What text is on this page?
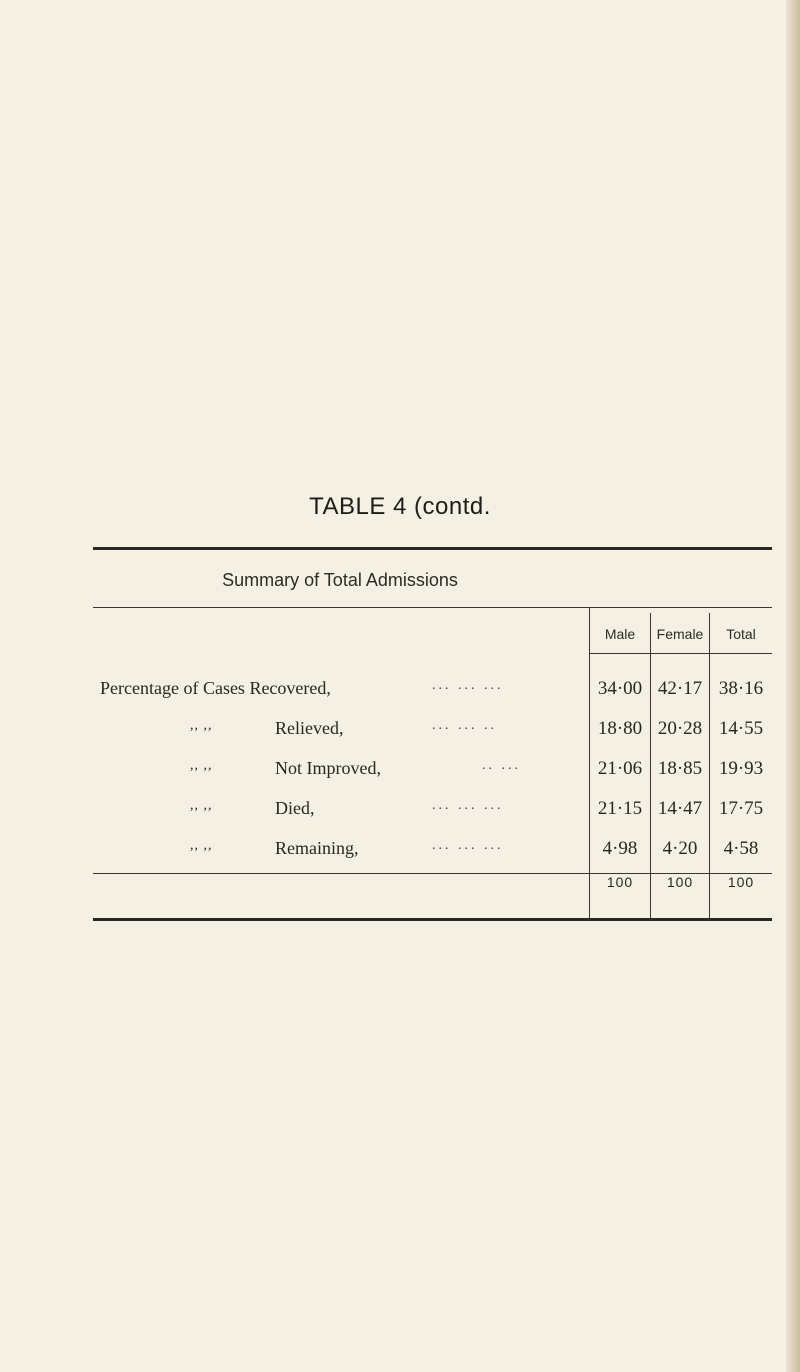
TABLE 4 (contd.
Summary of Total Admissions
Male	Female	Total
Percentage of Cases Recovered,	... ... ...	34·00 42·17 38·16
,, ,,	Relieved,	... ... ..	18·80 20·28 14·55
,, ,,	Not Improved,	.. ...	21·06 18·85 19·93
,, ,,	Died,	... ... ...	21·15 14·47 17·75
,, ,,	Remaining,	... ... ...	4·98	4·20	4·58
100	100	100
